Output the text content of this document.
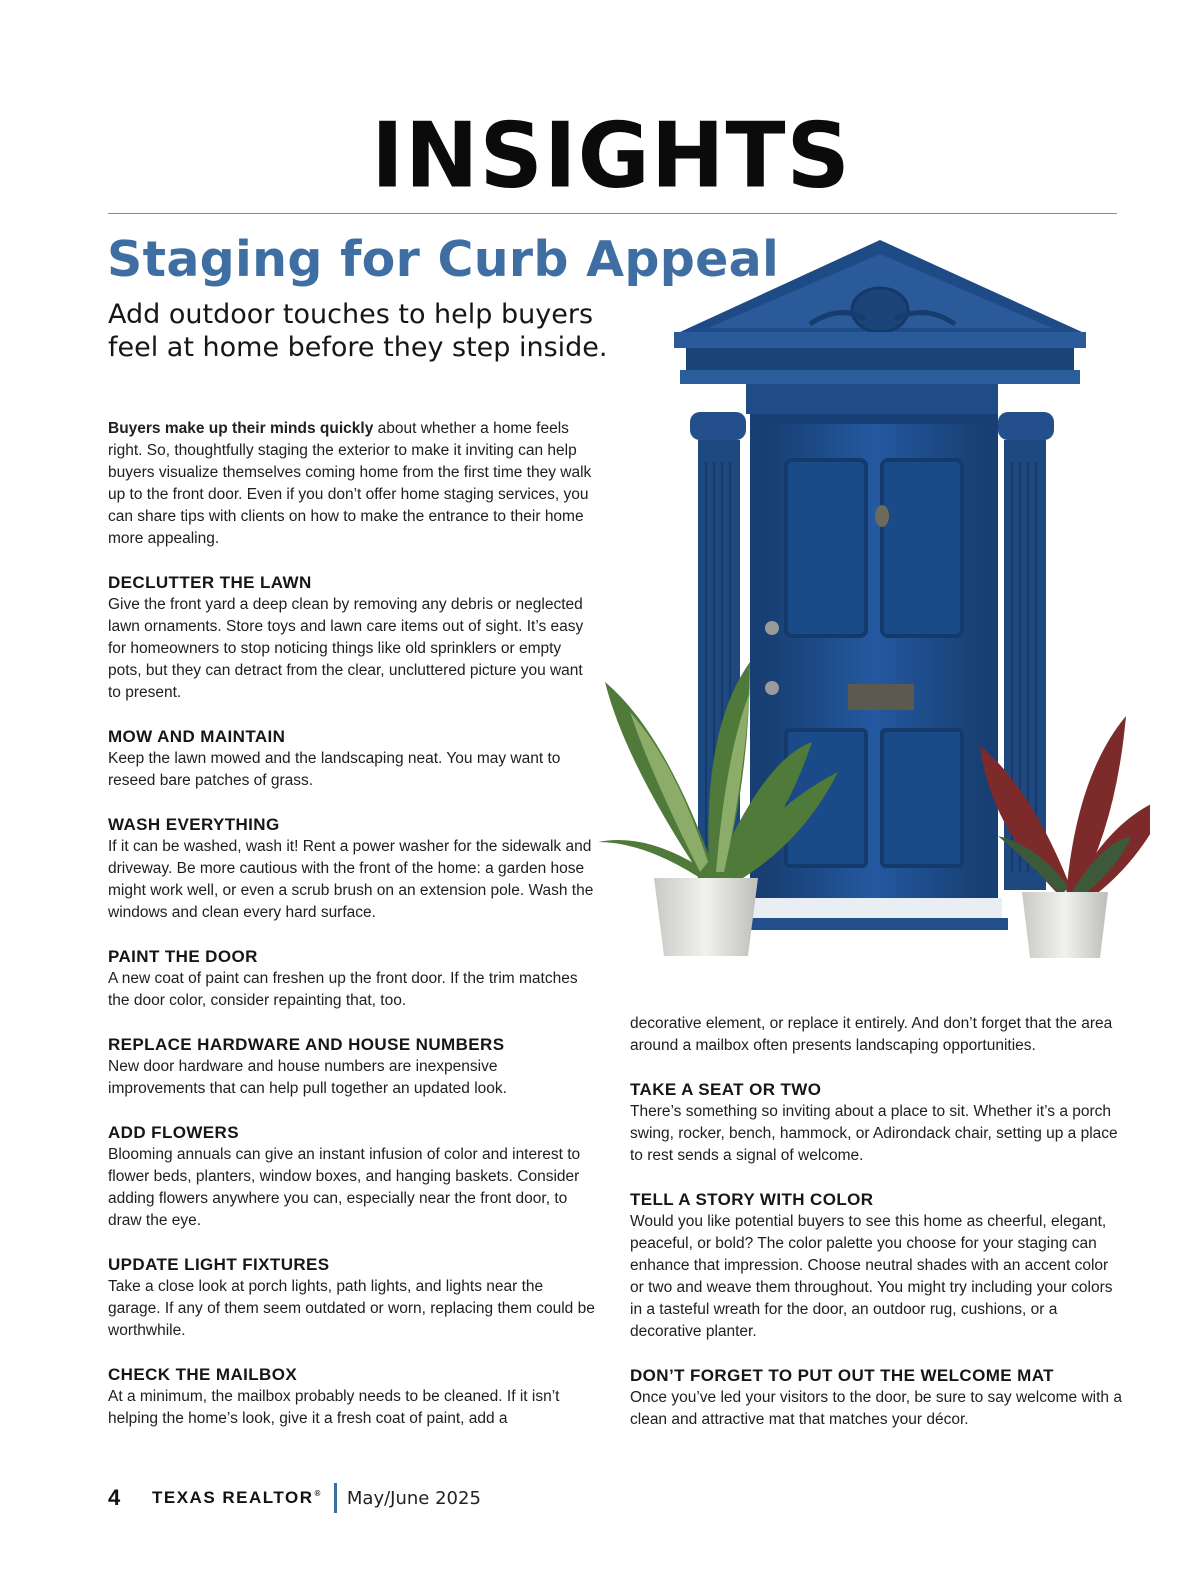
INSIGHTS
Staging for Curb Appeal

Add outdoor touches to help buyers feel at home before they step inside.

Buyers make up their minds quickly about whether a home feels right. So, thoughtfully staging the exterior to make it inviting can help buyers visualize themselves coming home from the first time they walk up to the front door. Even if you don’t offer home staging services, you can share tips with clients on how to make the entrance to their home more appealing.

DECLUTTER THE LAWN

Give the front yard a deep clean by removing any debris or neglected lawn ornaments. Store toys and lawn care items out of sight. It’s easy for homeowners to stop noticing things like old sprinklers or empty pots, but they can detract from the clear, uncluttered picture you want to present.

MOW AND MAINTAIN

Keep the lawn mowed and the landscaping neat. You may want to reseed bare patches of grass.

WASH EVERYTHING

If it can be washed, wash it! Rent a power washer for the sidewalk and driveway. Be more cautious with the front of the home: a garden hose might work well, or even a scrub brush on an extension pole. Wash the windows and clean every hard surface.

PAINT THE DOOR

A new coat of paint can freshen up the front door. If the trim matches the door color, consider repainting that, too.

REPLACE HARDWARE AND HOUSE NUMBERS

New door hardware and house numbers are inexpensive improvements that can help pull together an updated look.

ADD FLOWERS

Blooming annuals can give an instant infusion of color and interest to flower beds, planters, window boxes, and hanging baskets. Consider adding flowers anywhere you can, especially near the front door, to draw the eye.

UPDATE LIGHT FIXTURES

Take a close look at porch lights, path lights, and lights near the garage. If any of them seem outdated or worn, replacing them could be worthwhile.

CHECK THE MAILBOX

At a minimum, the mailbox probably needs to be cleaned. If it isn’t helping the home’s look, give it a fresh coat of paint, add a

decorative element, or replace it entirely. And don’t forget that the area around a mailbox often presents landscaping opportunities.

TAKE A SEAT OR TWO

There’s something so inviting about a place to sit. Whether it’s a porch swing, rocker, bench, hammock, or Adirondack chair, setting up a place to rest sends a signal of welcome.

TELL A STORY WITH COLOR

Would you like potential buyers to see this home as cheerful, elegant, peaceful, or bold? The color palette you choose for your staging can enhance that impression. Choose neutral shades with an accent color or two and weave them throughout. You might try including your colors in a tasteful wreath for the door, an outdoor rug, cushions, or a decorative planter.

DON’T FORGET TO PUT OUT THE WELCOME MAT

Once you’ve led your visitors to the door, be sure to say welcome with a clean and attractive mat that matches your décor.

4	TEXAS REALTOR® May/June 2025
